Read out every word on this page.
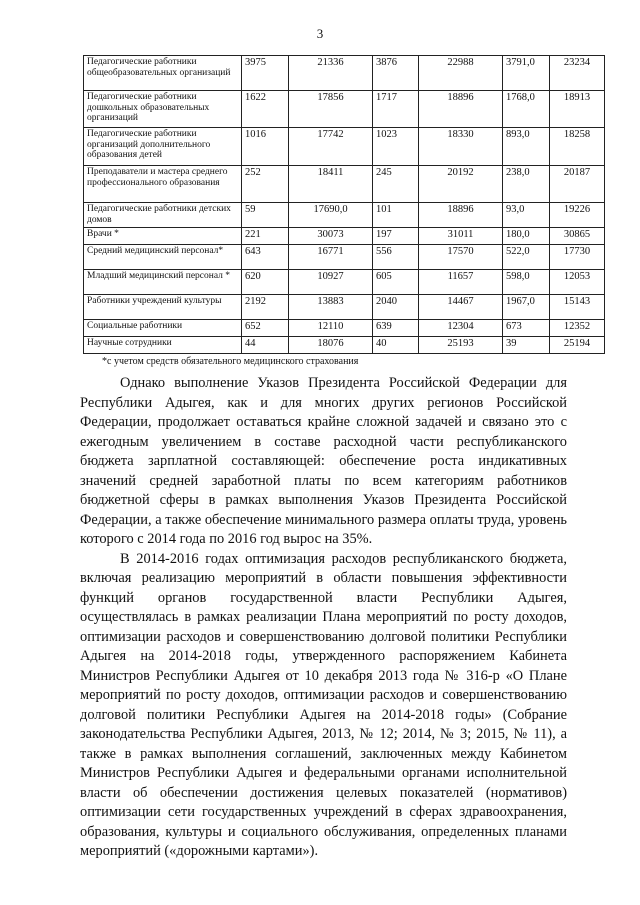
3
Педагогические работники общеобразовательных организаций	3975	21336	3876	22988	3791,0	23234
Педагогические работники дошкольных образовательных организаций	1622	17856	1717	18896	1768,0	18913
Педагогические работники организаций дополнительного образования детей	1016	17742	1023	18330	893,0	18258
Преподаватели и мастера среднего профессионального образования	252	18411	245	20192	238,0	20187
Педагогические работники детских домов	59	17690,0	101	18896	93,0	19226
Врачи *	221	30073	197	31011	180,0	30865
Средний медицинский персонал*	643	16771	556	17570	522,0	17730
Младший медицинский персонал *	620	10927	605	11657	598,0	12053
Работники учреждений культуры	2192	13883	2040	14467	1967,0	15143
Социальные работники	652	12110	639	12304	673	12352
Научные сотрудники	44	18076	40	25193	39	25194
*с учетом средств обязательного медицинского страхования

Однако выполнение Указов Президента Российской Федерации для Республики Адыгея, как и для многих других регионов Российской Федерации, продолжает оставаться крайне сложной задачей и связано это с ежегодным увеличением в составе расходной части республиканского бюджета зарплатной составляющей: обеспечение роста индикативных значений средней заработной платы по всем категориям работников бюджетной сферы в рамках выполнения Указов Президента Российской Федерации, а также обеспечение минимального размера оплаты труда, уровень которого с 2014 года по 2016 год вырос на 35%.

В 2014-2016 годах оптимизация расходов республиканского бюджета, включая реализацию мероприятий в области повышения эффективности функций органов государственной власти Республики Адыгея, осуществлялась в рамках реализации Плана мероприятий по росту доходов, оптимизации расходов и совершенствованию долговой политики Республики Адыгея на 2014-2018 годы, утвержденного распоряжением Кабинета Министров Республики Адыгея от 10 декабря 2013 года № 316-р «О Плане мероприятий по росту доходов, оптимизации расходов и совершенствованию долговой политики Республики Адыгея на 2014-2018 годы» (Собрание законодательства Республики Адыгея, 2013, № 12; 2014, № 3; 2015, № 11), а также в рамках выполнения соглашений, заключенных между Кабинетом Министров Республики Адыгея и федеральными органами исполнительной власти об обеспечении достижения целевых показателей (нормативов) оптимизации сети государственных учреждений в сферах здравоохранения, образования, культуры и социального обслуживания, определенных планами мероприятий («дорожными картами»).
